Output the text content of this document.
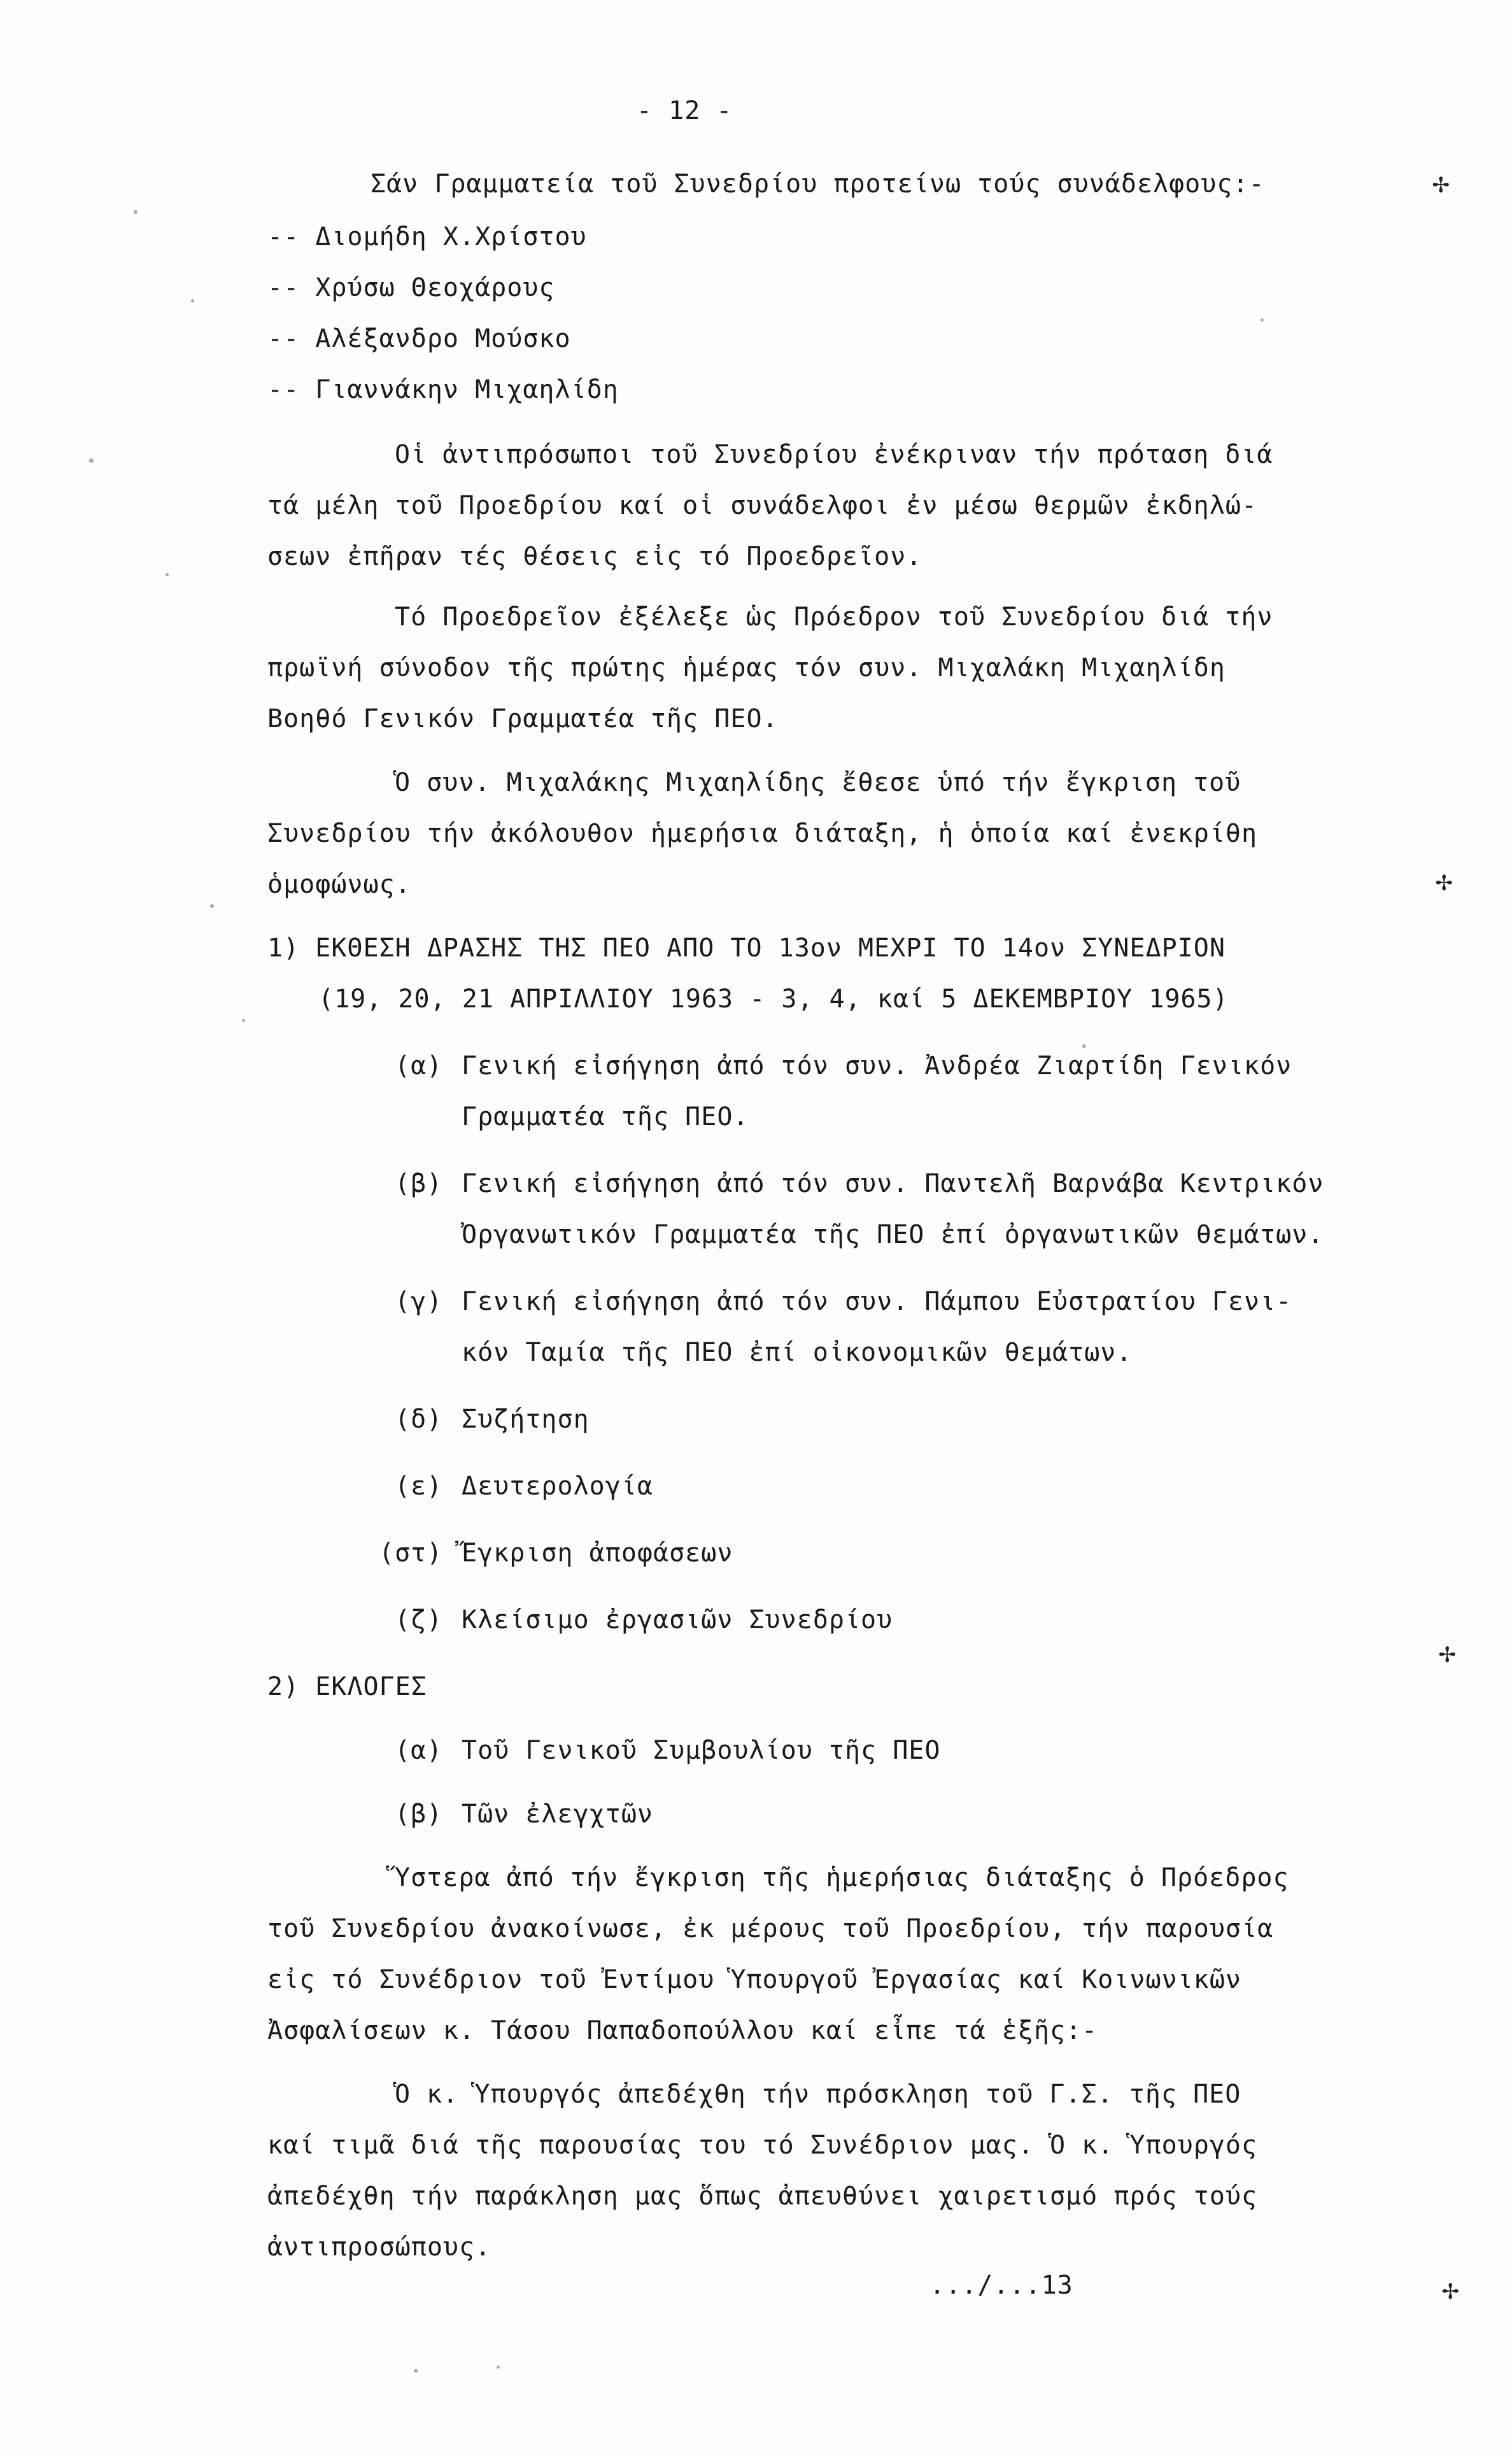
- 12 -
Σάν Γραμματεία τοῦ Συνεδρίου προτείνω τούς συνάδελφους:-
-- Διομήδη Χ.Χρίστου
-- Χρύσω Θεοχάρους
-- Αλέξανδρο Μούσκο
-- Γιαννάκην Μιχαηλίδη
Οἱ ἀντιπρόσωποι τοῦ Συνεδρίου ἐνέκριναν τήν πρόταση διά
τά μέλη τοῦ Προεδρίου καί οἱ συνάδελφοι ἐν μέσω θερμῶν ἐκδηλώ-
σεων ἐπῆραν τές θέσεις εἰς τό Προεδρεῖον.
Τό Προεδρεῖον ἐξέλεξε ὡς Πρόεδρον τοῦ Συνεδρίου διά τήν
πρωϊνή σύνοδον τῆς πρώτης ἡμέρας τόν συν. Μιχαλάκη Μιχαηλίδη
Βοηθό Γενικόν Γραμματέα τῆς ΠΕΟ.
Ὁ συν. Μιχαλάκης Μιχαηλίδης ἔθεσε ὑπό τήν ἔγκριση τοῦ
Συνεδρίου τήν ἀκόλουθον ἡμερήσια διάταξη, ἡ ὁποία καί ἐνεκρίθη
ὁμοφώνως.
1) ΕΚΘΕΣΗ ΔΡΑΣΗΣ ΤΗΣ ΠΕΟ ΑΠΟ ΤΟ 13ον ΜΕΧΡΙ ΤΟ 14ον ΣΥΝΕΔΡΙΟΝ
(19, 20, 21 ΑΠΡΙΛΛΙΟΥ 1963 - 3, 4, καί 5 ΔΕΚΕΜΒΡΙΟΥ 1965)
(α) Γενική εἰσήγηση ἀπό τόν συν. Ἀνδρέα Ζιαρτίδη Γενικόν
Γραμματέα τῆς ΠΕΟ.
(β) Γενική εἰσήγηση ἀπό τόν συν. Παντελῆ Βαρνάβα Κεντρικόν
Ὀργανωτικόν Γραμματέα τῆς ΠΕΟ ἐπί ὀργανωτικῶν θεμάτων.
(γ) Γενική εἰσήγηση ἀπό τόν συν. Πάμπου Εὐστρατίου Γενι-
κόν Ταμία τῆς ΠΕΟ ἐπί οἰκονομικῶν θεμάτων.
(δ) Συζήτηση
(ε) Δευτερολογία
(στ) Ἔγκριση ἀποφάσεων
(ζ) Κλείσιμο ἐργασιῶν Συνεδρίου
2) ΕΚΛΟΓΕΣ
(α) Τοῦ Γενικοῦ Συμβουλίου τῆς ΠΕΟ
(β) Τῶν ἐλεγχτῶν
Ὕστερα ἀπό τήν ἔγκριση τῆς ἡμερήσιας διάταξης ὁ Πρόεδρος
τοῦ Συνεδρίου ἀνακοίνωσε, ἐκ μέρους τοῦ Προεδρίου, τήν παρουσία
εἰς τό Συνέδριον τοῦ Ἐντίμου Ὑπουργοῦ Ἐργασίας καί Κοινωνικῶν
Ἀσφαλίσεων κ. Τάσου Παπαδοπούλλου καί εἶπε τά ἑξῆς:-
Ὁ κ. Ὑπουργός ἀπεδέχθη τήν πρόσκληση τοῦ Γ.Σ. τῆς ΠΕΟ
καί τιμᾶ διά τῆς παρουσίας του τό Συνέδριον μας. Ὁ κ. Ὑπουργός
ἀπεδέχθη τήν παράκληση μας ὅπως ἀπευθύνει χαιρετισμό πρός τούς
ἀντιπροσώπους.
.../...13
✢
✢
✢
✢
